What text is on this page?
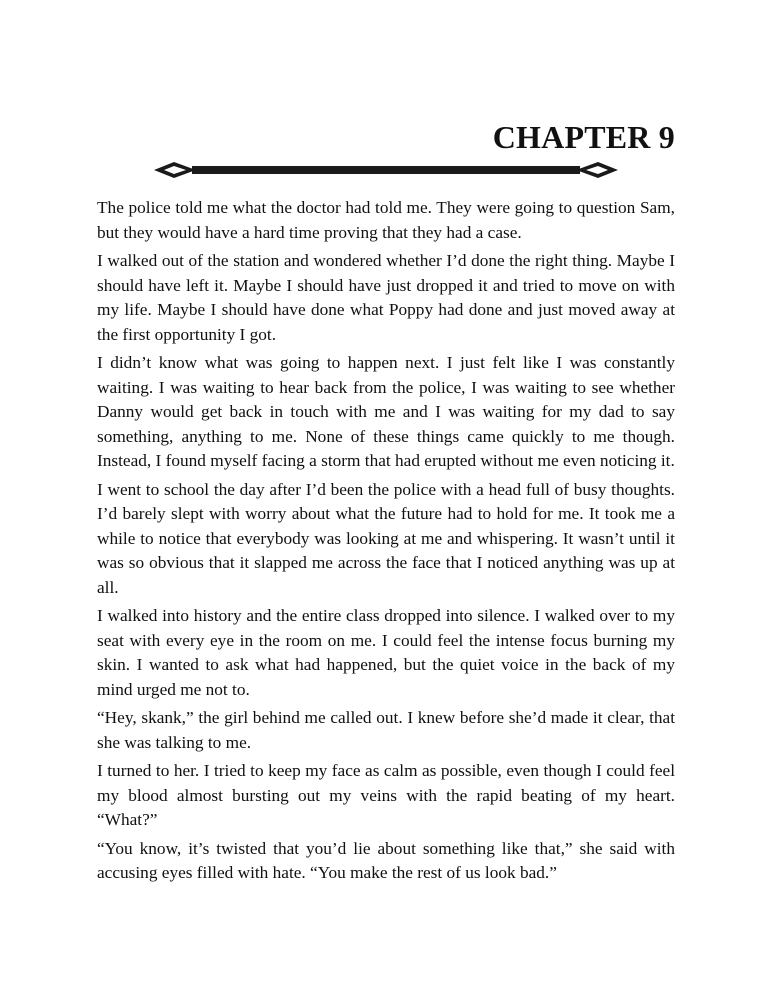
CHAPTER 9

The police told me what the doctor had told me. They were going to question Sam, but they would have a hard time proving that they had a case.

I walked out of the station and wondered whether I’d done the right thing. Maybe I should have left it. Maybe I should have just dropped it and tried to move on with my life. Maybe I should have done what Poppy had done and just moved away at the first opportunity I got.

I didn’t know what was going to happen next. I just felt like I was constantly waiting. I was waiting to hear back from the police, I was waiting to see whether Danny would get back in touch with me and I was waiting for my dad to say something, anything to me. None of these things came quickly to me though. Instead, I found myself facing a storm that had erupted without me even noticing it.

I went to school the day after I’d been the police with a head full of busy thoughts. I’d barely slept with worry about what the future had to hold for me. It took me a while to notice that everybody was looking at me and whispering. It wasn’t until it was so obvious that it slapped me across the face that I noticed anything was up at all.

I walked into history and the entire class dropped into silence. I walked over to my seat with every eye in the room on me. I could feel the intense focus burning my skin. I wanted to ask what had happened, but the quiet voice in the back of my mind urged me not to.

“Hey, skank,” the girl behind me called out. I knew before she’d made it clear, that she was talking to me.

I turned to her. I tried to keep my face as calm as possible, even though I could feel my blood almost bursting out my veins with the rapid beating of my heart. “What?”

“You know, it’s twisted that you’d lie about something like that,” she said with accusing eyes filled with hate. “You make the rest of us look bad.”
